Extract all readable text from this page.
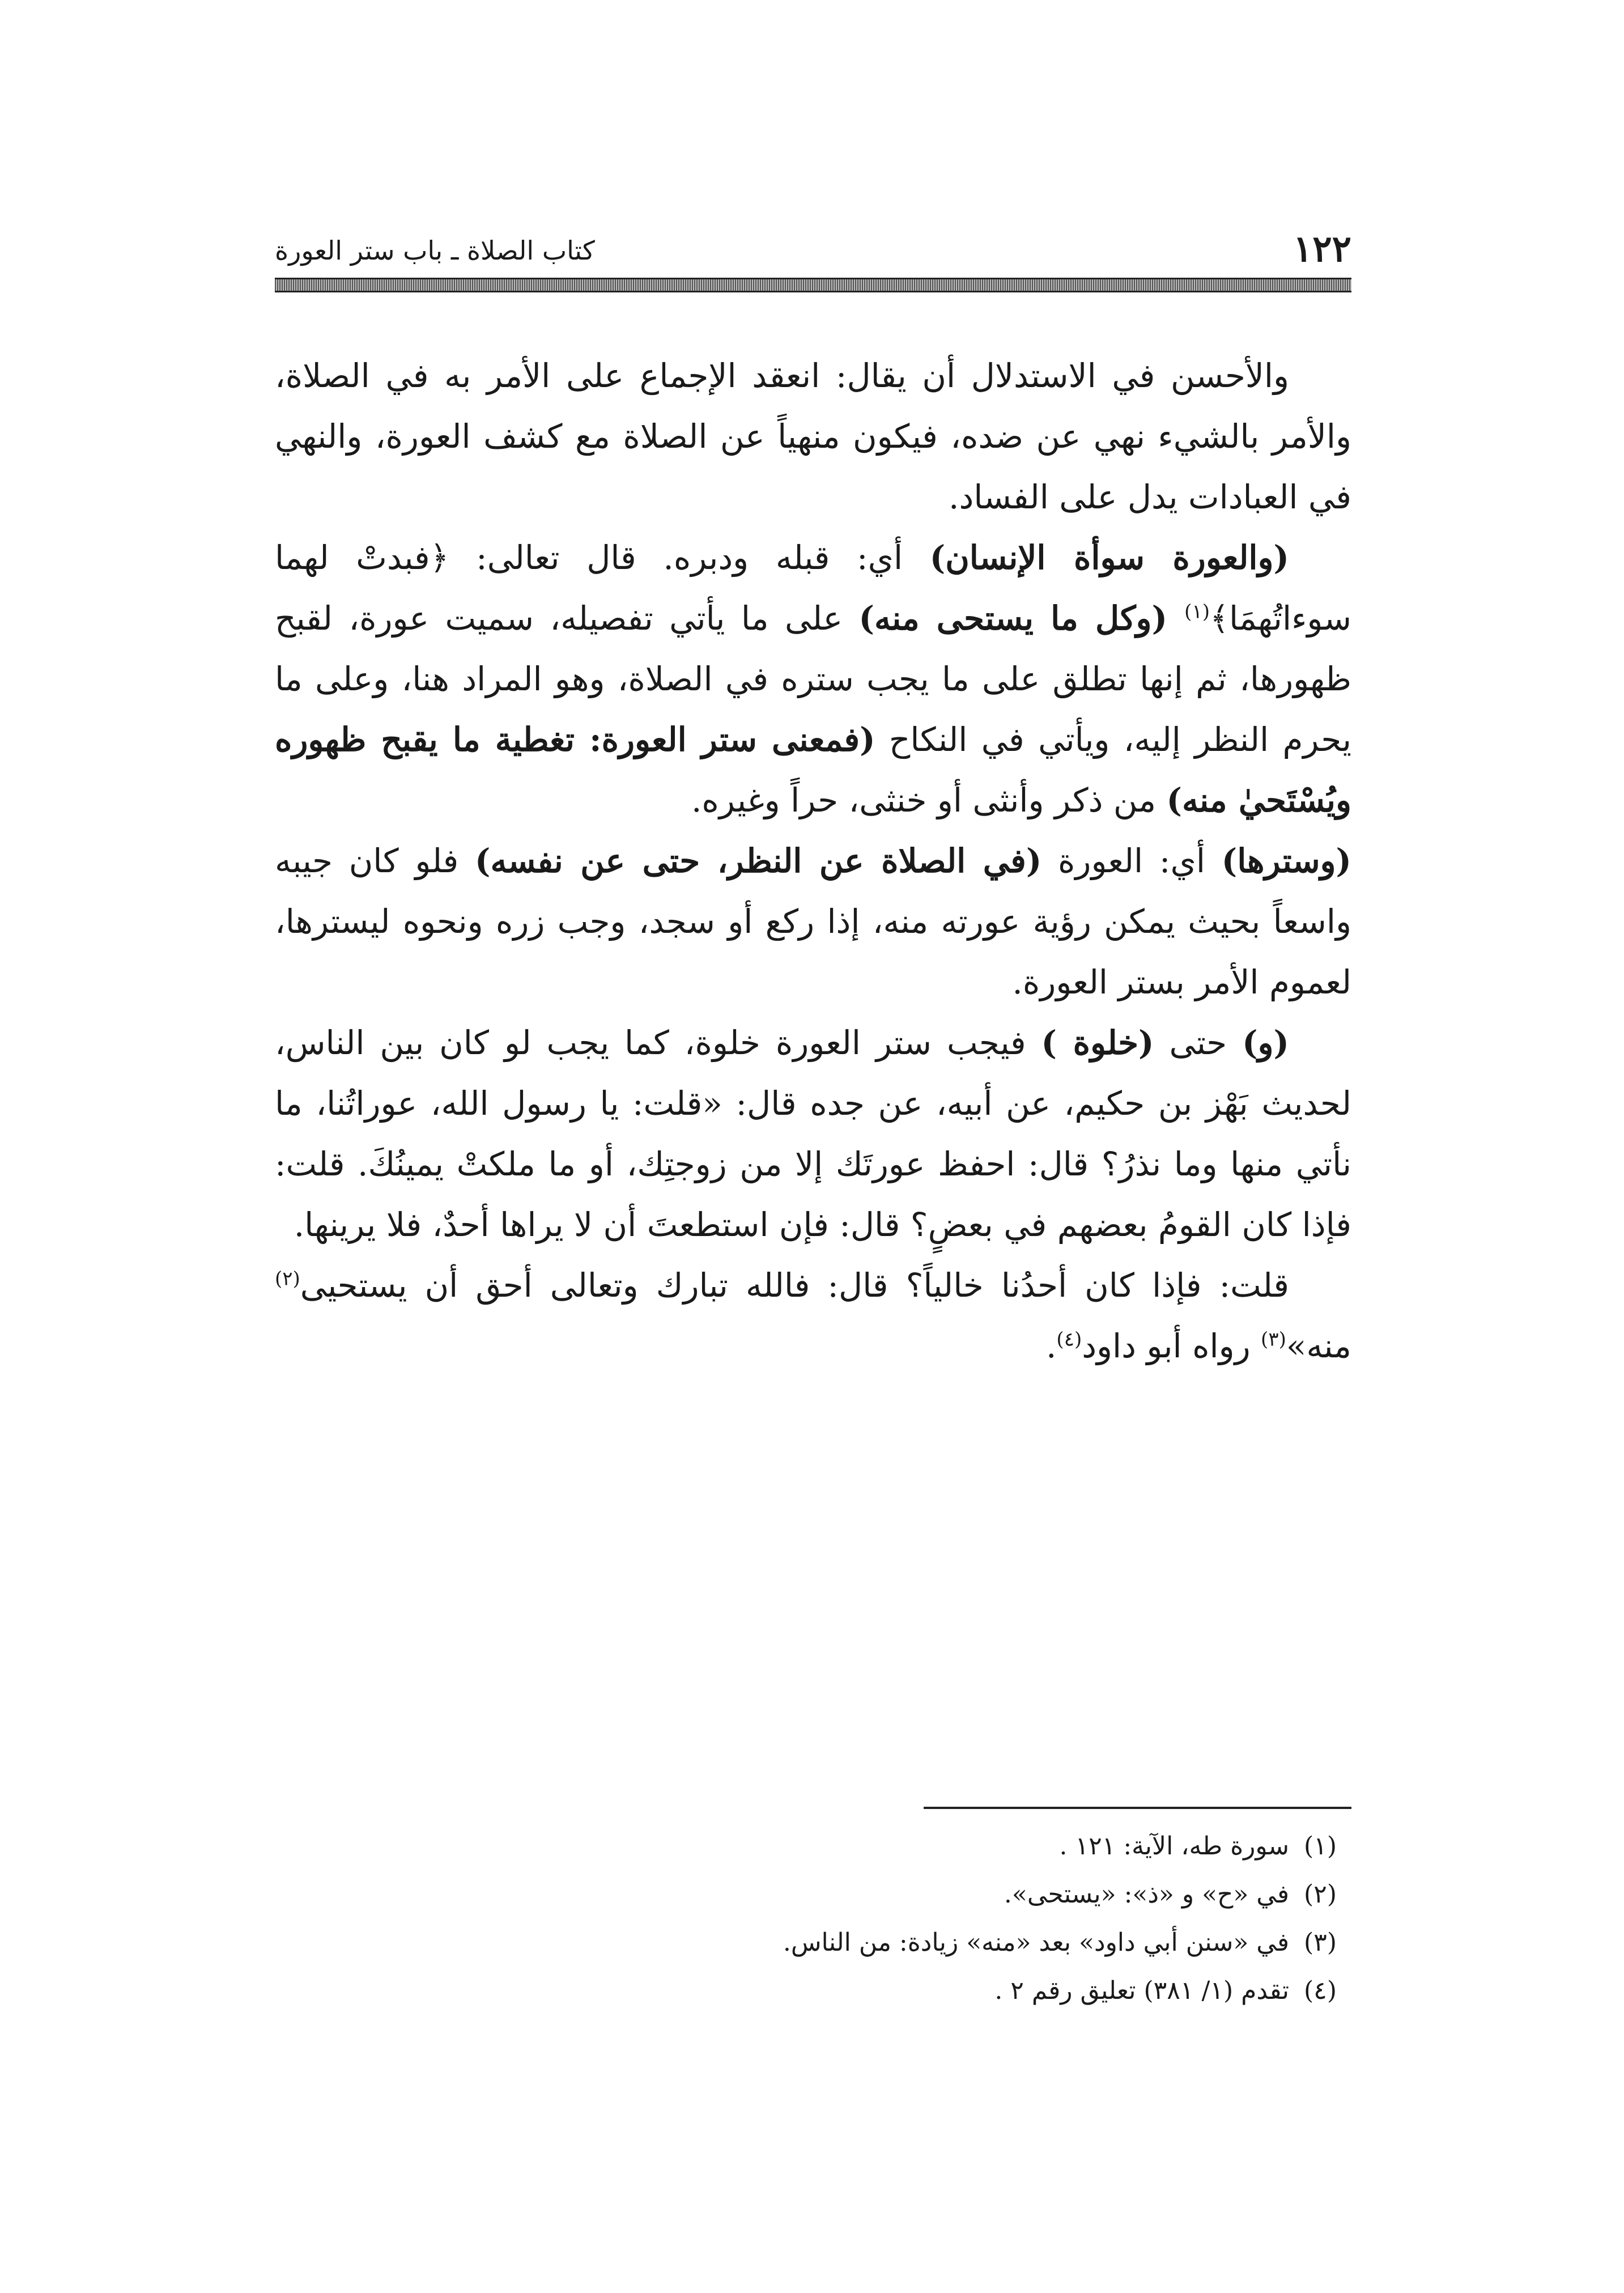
١٢٢
كتاب الصلاة ـ باب ستر العورة

والأحسن في الاستدلال أن يقال: انعقد الإجماع على الأمر به في الصلاة، والأمر بالشيء نهي عن ضده، فيكون منهياً عن الصلاة مع كشف العورة، والنهي في العبادات يدل على الفساد.

(والعورة سوأة الإنسان) أي: قبله ودبره. قال تعالى: ﴿فبدتْ لهما سوءاتُهمَا﴾$^{(١)}$ (وكل ما يستحى منه) على ما يأتي تفصيله، سميت عورة، لقبح ظهورها، ثم إنها تطلق على ما يجب ستره في الصلاة، وهو المراد هنا، وعلى ما يحرم النظر إليه، ويأتي في النكاح (فمعنى ستر العورة: تغطية ما يقبح ظهوره ويُسْتَحيٰ منه) من ذكر وأنثى أو خنثى، حراً وغيره.

(وسترها) أي: العورة (في الصلاة عن النظر، حتى عن نفسه) فلو كان جيبه واسعاً بحيث يمكن رؤية عورته منه، إذا ركع أو سجد، وجب زره ونحوه ليسترها، لعموم الأمر بستر العورة.

(و) حتى (خلوة ) فيجب ستر العورة خلوة، كما يجب لو كان بين الناس، لحديث بَهْز بن حكيم، عن أبيه، عن جده قال: «قلت: يا رسول الله، عوراتُنا، ما نأتي منها وما نذرُ؟ قال: احفظ عورتَك إلا من زوجتِك، أو ما ملكتْ يمينُكَ. قلت: فإذا كان القومُ بعضهم في بعضٍ؟ قال: فإن استطعتَ أن لا يراها أحدٌ، فلا يرينها.

قلت: فإذا كان أحدُنا خالياً؟ قال: فالله تبارك وتعالى أحق أن يستحيى$^{(٢)}$ منه»$^{(٣)}$ رواه أبو داود$^{(٤)}$.

(١)سورة طه، الآية: ١٢١ .
(٢)في «ح» و «ذ»: «يستحى».
(٣)في «سنن أبي داود» بعد «منه» زيادة: من الناس.
(٤)تقدم (١/ ٣٨١) تعليق رقم ٢ .
